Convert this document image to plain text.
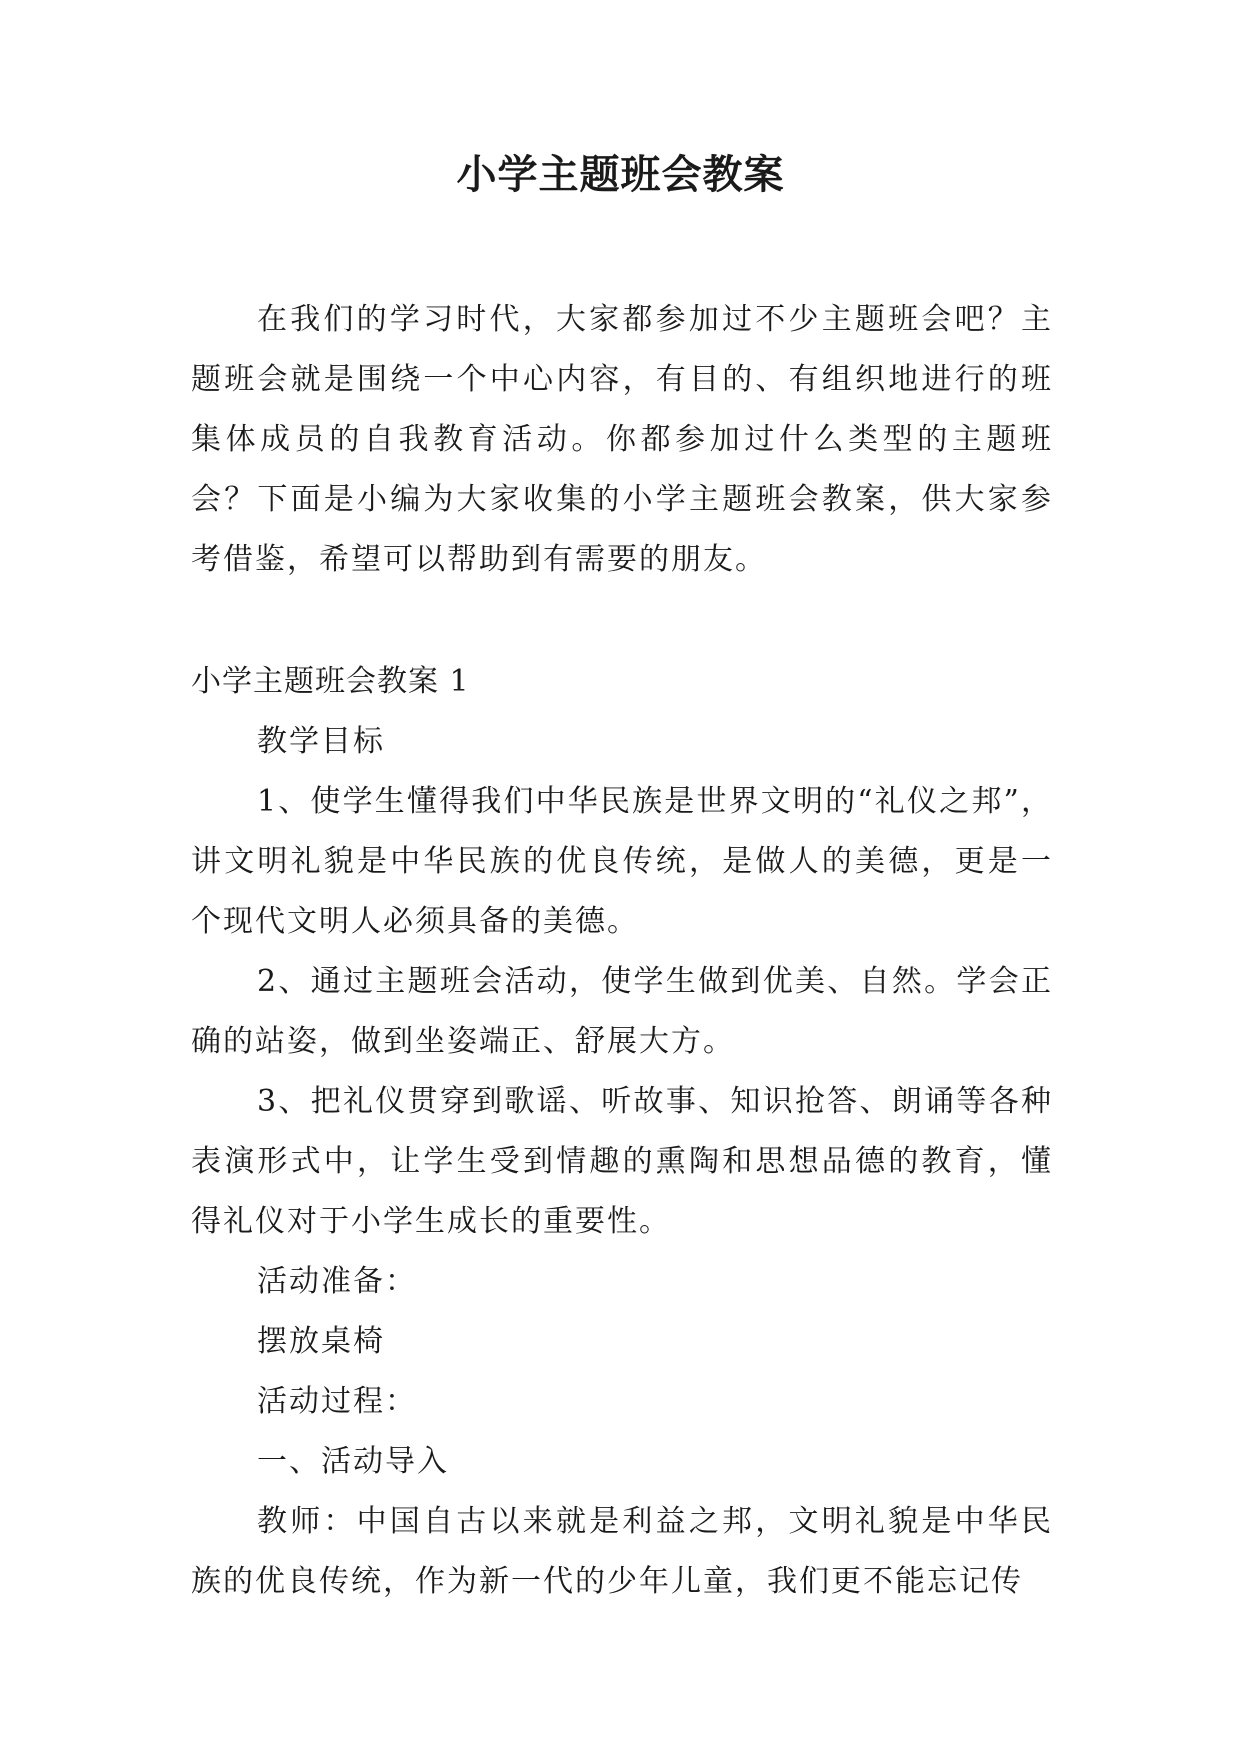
小学主题班会教案

在我们的学习时代，大家都参加过不少主题班会吧？主题班会就是围绕一个中心内容，有目的、有组织地进行的班集体成员的自我教育活动。你都参加过什么类型的主题班会？下面是小编为大家收集的小学主题班会教案，供大家参考借鉴，希望可以帮助到有需要的朋友。

小学主题班会教案 1

教学目标

1、使学生懂得我们中华民族是世界文明的“礼仪之邦”，讲文明礼貌是中华民族的优良传统，是做人的美德，更是一个现代文明人必须具备的美德。

2、通过主题班会活动，使学生做到优美、自然。学会正确的站姿，做到坐姿端正、舒展大方。

3、把礼仪贯穿到歌谣、听故事、知识抢答、朗诵等各种表演形式中，让学生受到情趣的熏陶和思想品德的教育，懂得礼仪对于小学生成长的重要性。

活动准备：

摆放桌椅

活动过程：

一、活动导入

教师：中国自古以来就是利益之邦，文明礼貌是中华民族的优良传统，作为新一代的少年儿童，我们更不能忘记传
